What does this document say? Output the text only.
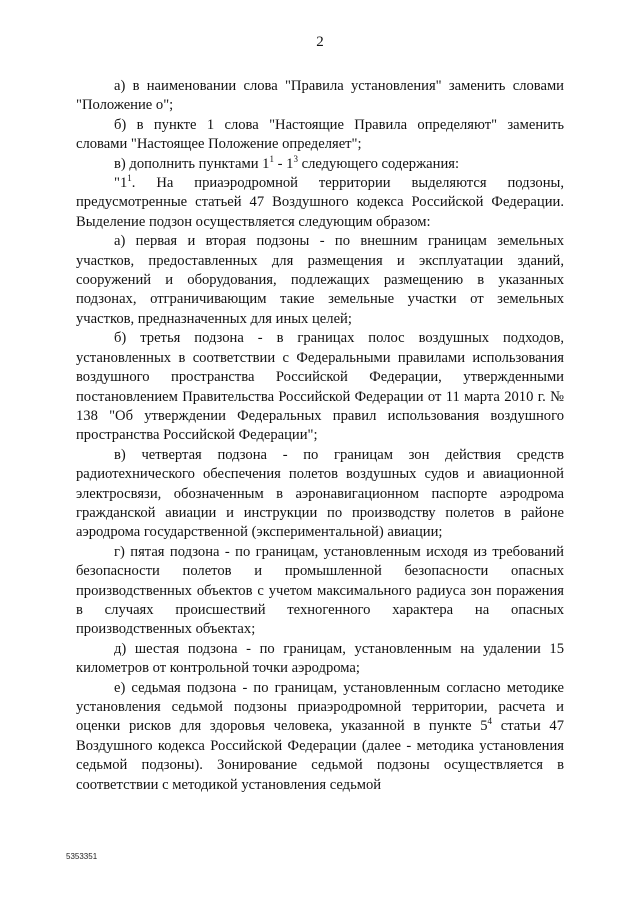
2

а) в наименовании слова "Правила установления" заменить словами "Положение о";

б) в пункте 1 слова "Настоящие Правила определяют" заменить словами "Настоящее Положение определяет";

в) дополнить пунктами $1^1 - 1^3$ следующего содержания:

"$1^1$. На приаэродромной территории выделяются подзоны, предусмотренные статьей 47 Воздушного кодекса Российской Федерации. Выделение подзон осуществляется следующим образом:

а) первая и вторая подзоны - по внешним границам земельных участков, предоставленных для размещения и эксплуатации зданий, сооружений и оборудования, подлежащих размещению в указанных подзонах, отграничивающим такие земельные участки от земельных участков, предназначенных для иных целей;

б) третья подзона - в границах полос воздушных подходов, установленных в соответствии с Федеральными правилами использования воздушного пространства Российской Федерации, утвержденными постановлением Правительства Российской Федерации от 11 марта 2010 г. № 138 "Об утверждении Федеральных правил использования воздушного пространства Российской Федерации";

в) четвертая подзона - по границам зон действия средств радиотехнического обеспечения полетов воздушных судов и авиационной электросвязи, обозначенным в аэронавигационном паспорте аэродрома гражданской авиации и инструкции по производству полетов в районе аэродрома государственной (экспериментальной) авиации;

г) пятая подзона - по границам, установленным исходя из требований безопасности полетов и промышленной безопасности опасных производственных объектов с учетом максимального радиуса зон поражения в случаях происшествий техногенного характера на опасных производственных объектах;

д) шестая подзона - по границам, установленным на удалении 15 километров от контрольной точки аэродрома;

е) седьмая подзона - по границам, установленным согласно методике установления седьмой подзоны приаэродромной территории, расчета и оценки рисков для здоровья человека, указанной в пункте $5^4$ статьи 47 Воздушного кодекса Российской Федерации (далее - методика установления седьмой подзоны). Зонирование седьмой подзоны осуществляется в соответствии с методикой установления седьмой

5353351
